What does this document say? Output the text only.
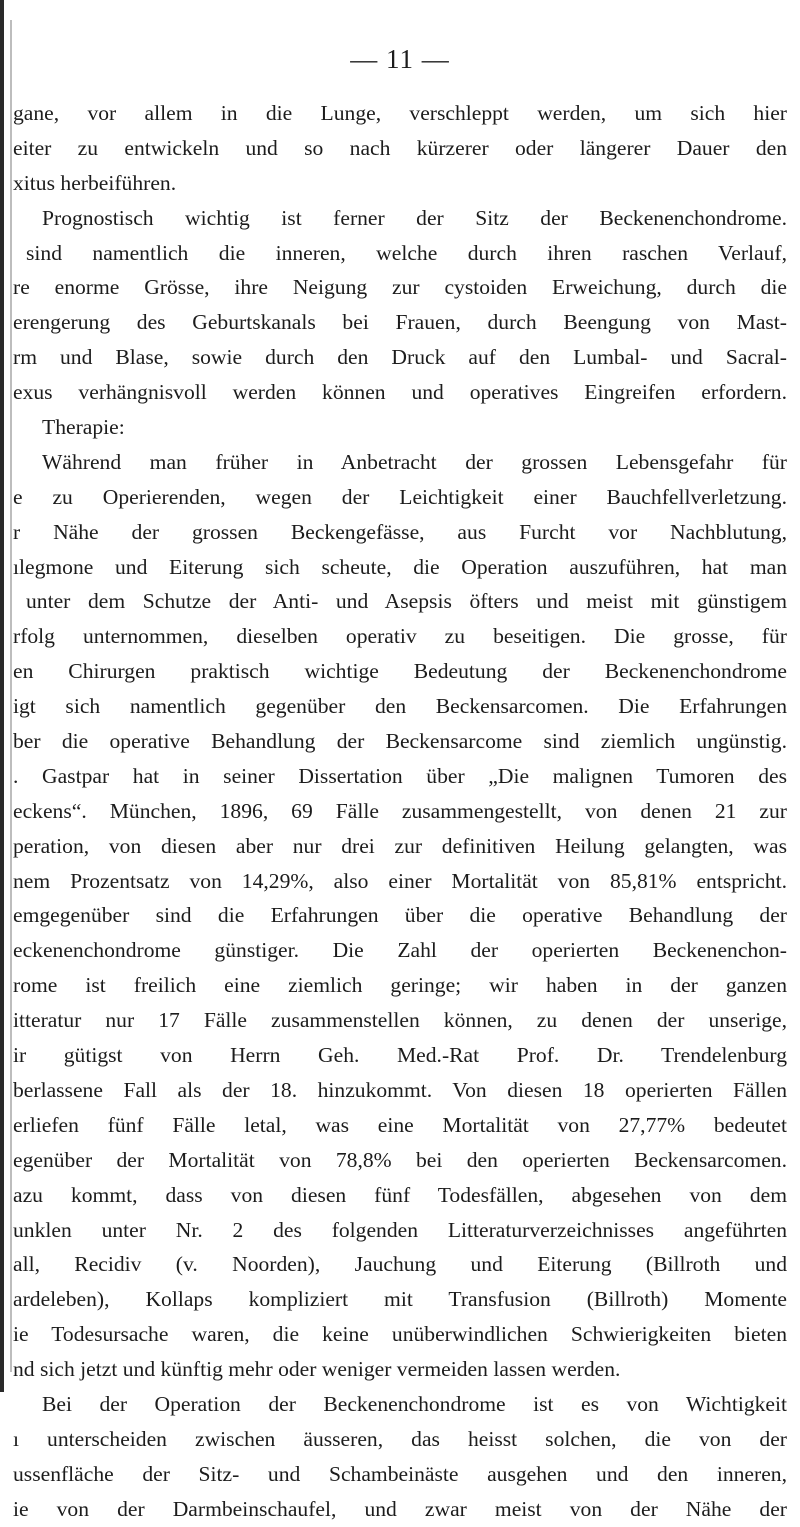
— 11 —
gane, vor allem in die Lunge, verschleppt werden, um sich hier
eiter zu entwickeln und so nach kürzerer oder längerer Dauer den
xitus herbeiführen.
Prognostisch wichtig ist ferner der Sitz der Beckenenchondrome.
sind namentlich die inneren, welche durch ihren raschen Verlauf,
re enorme Grösse, ihre Neigung zur cystoiden Erweichung, durch die
erengerung des Geburtskanals bei Frauen, durch Beengung von Mast-
rm und Blase, sowie durch den Druck auf den Lumbal- und Sacral-
exus verhängnisvoll werden können und operatives Eingreifen erfordern.
Therapie:
Während man früher in Anbetracht der grossen Lebensgefahr für
e zu Operierenden, wegen der Leichtigkeit einer Bauchfellverletzung.
r Nähe der grossen Beckengefässe, aus Furcht vor Nachblutung,
ılegmone und Eiterung sich scheute, die Operation auszuführen, hat man
unter dem Schutze der Anti- und Asepsis öfters und meist mit günstigem
rfolg unternommen, dieselben operativ zu beseitigen. Die grosse, für
en Chirurgen praktisch wichtige Bedeutung der Beckenenchondrome
igt sich namentlich gegenüber den Beckensarcomen. Die Erfahrungen
ber die operative Behandlung der Beckensarcome sind ziemlich ungünstig.
. Gastpar hat in seiner Dissertation über „Die malignen Tumoren des
eckens“. München, 1896, 69 Fälle zusammengestellt, von denen 21 zur
peration, von diesen aber nur drei zur definitiven Heilung gelangten, was
nem Prozentsatz von 14,29%, also einer Mortalität von 85,81% entspricht.
emgegenüber sind die Erfahrungen über die operative Behandlung der
eckenenchondrome günstiger. Die Zahl der operierten Beckenenchon-
rome ist freilich eine ziemlich geringe; wir haben in der ganzen
itteratur nur 17 Fälle zusammenstellen können, zu denen der unserige,
ir gütigst von Herrn Geh. Med.-Rat Prof. Dr. Trendelenburg
berlassene Fall als der 18. hinzukommt. Von diesen 18 operierten Fällen
erliefen fünf Fälle letal, was eine Mortalität von 27,77% bedeutet
egenüber der Mortalität von 78,8% bei den operierten Beckensarcomen.
azu kommt, dass von diesen fünf Todesfällen, abgesehen von dem
unklen unter Nr. 2 des folgenden Litteraturverzeichnisses angeführten
all, Recidiv (v. Noorden), Jauchung und Eiterung (Billroth und
ardeleben), Kollaps kompliziert mit Transfusion (Billroth) Momente
ie Todesursache waren, die keine unüberwindlichen Schwierigkeiten bieten
nd sich jetzt und künftig mehr oder weniger vermeiden lassen werden.
Bei der Operation der Beckenenchondrome ist es von Wichtigkeit
ı unterscheiden zwischen äusseren, das heisst solchen, die von der
ussenfläche der Sitz- und Schambeinäste ausgehen und den inneren,
ie von der Darmbeinschaufel, und zwar meist von der Nähe der
